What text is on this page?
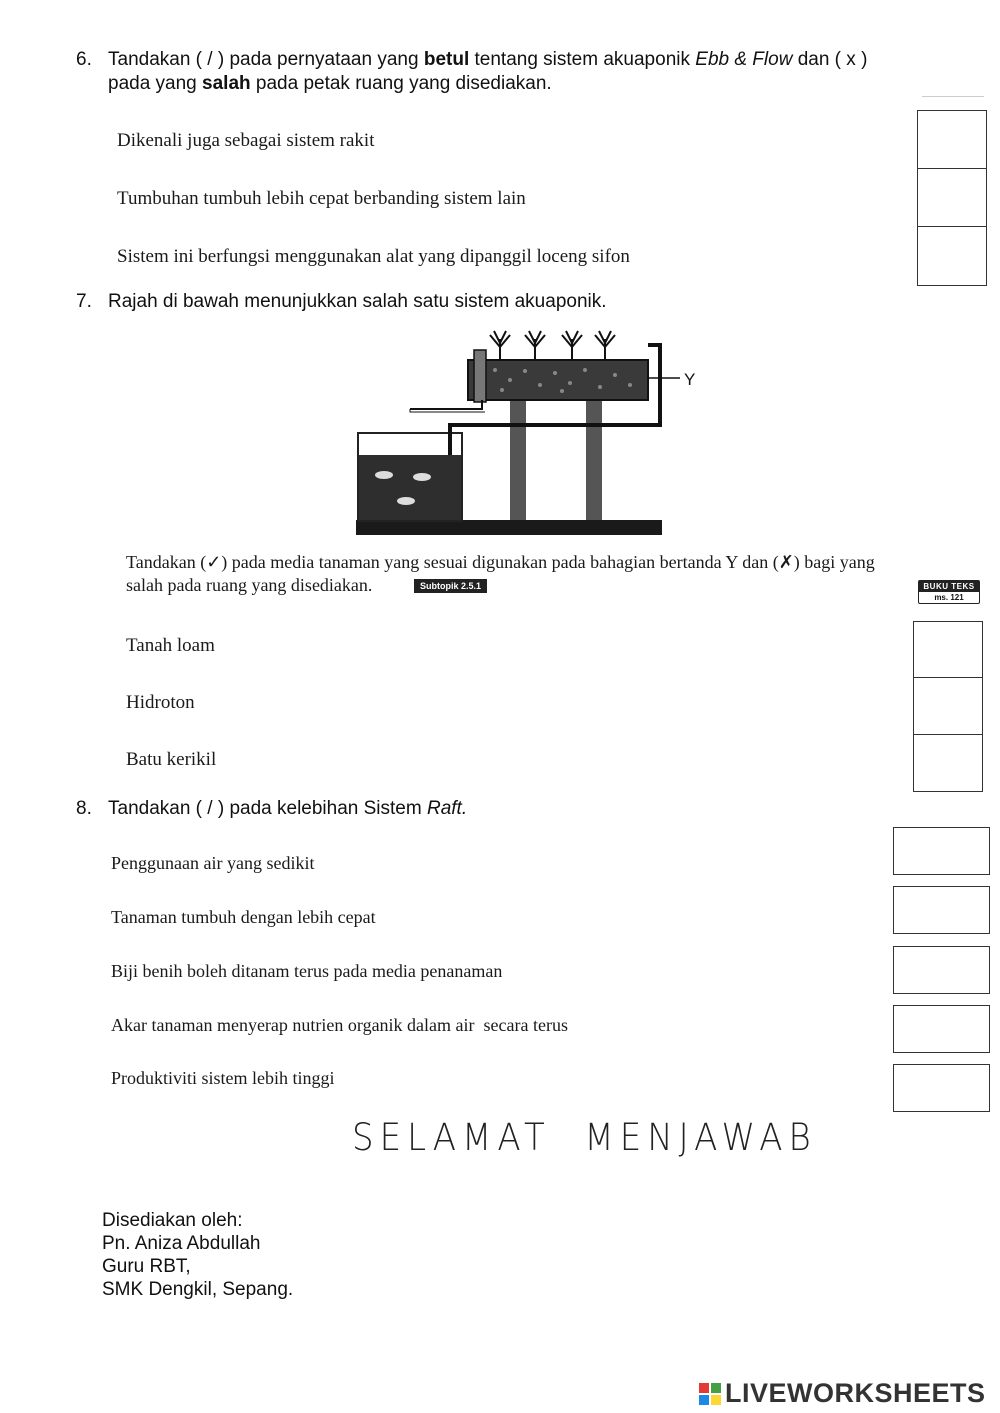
6. Tandakan ( / ) pada pernyataan yang betul tentang sistem akuaponik Ebb & Flow dan ( x )
pada yang salah pada petak ruang yang disediakan.
Dikenali juga sebagai sistem rakit
Tumbuhan tumbuh lebih cepat berbanding sistem lain
Sistem ini berfungsi menggunakan alat yang dipanggil loceng sifon
7. Rajah di bawah menunjukkan salah satu sistem akuaponik.
Y
Tandakan (✓) pada media tanaman yang sesuai digunakan pada bahagian bertanda Y dan (✗) bagi yang
salah pada ruang yang disediakan.	Subtopik 2.5.1	BUKU TEKS
ms. 121
Tanah loam
Hidroton
Batu kerikil
8. Tandakan ( / ) pada kelebihan Sistem Raft.
Penggunaan air yang sedikit
Tanaman tumbuh dengan lebih cepat
Biji benih boleh ditanam terus pada media penanaman
Akar tanaman menyerap nutrien organik dalam air  secara terus
Produktiviti sistem lebih tinggi
SELAMAT  MENJAWAB
Disediakan oleh:
Pn. Aniza Abdullah
Guru RBT,
SMK Dengkil, Sepang.
LIVEWORKSHEETS
